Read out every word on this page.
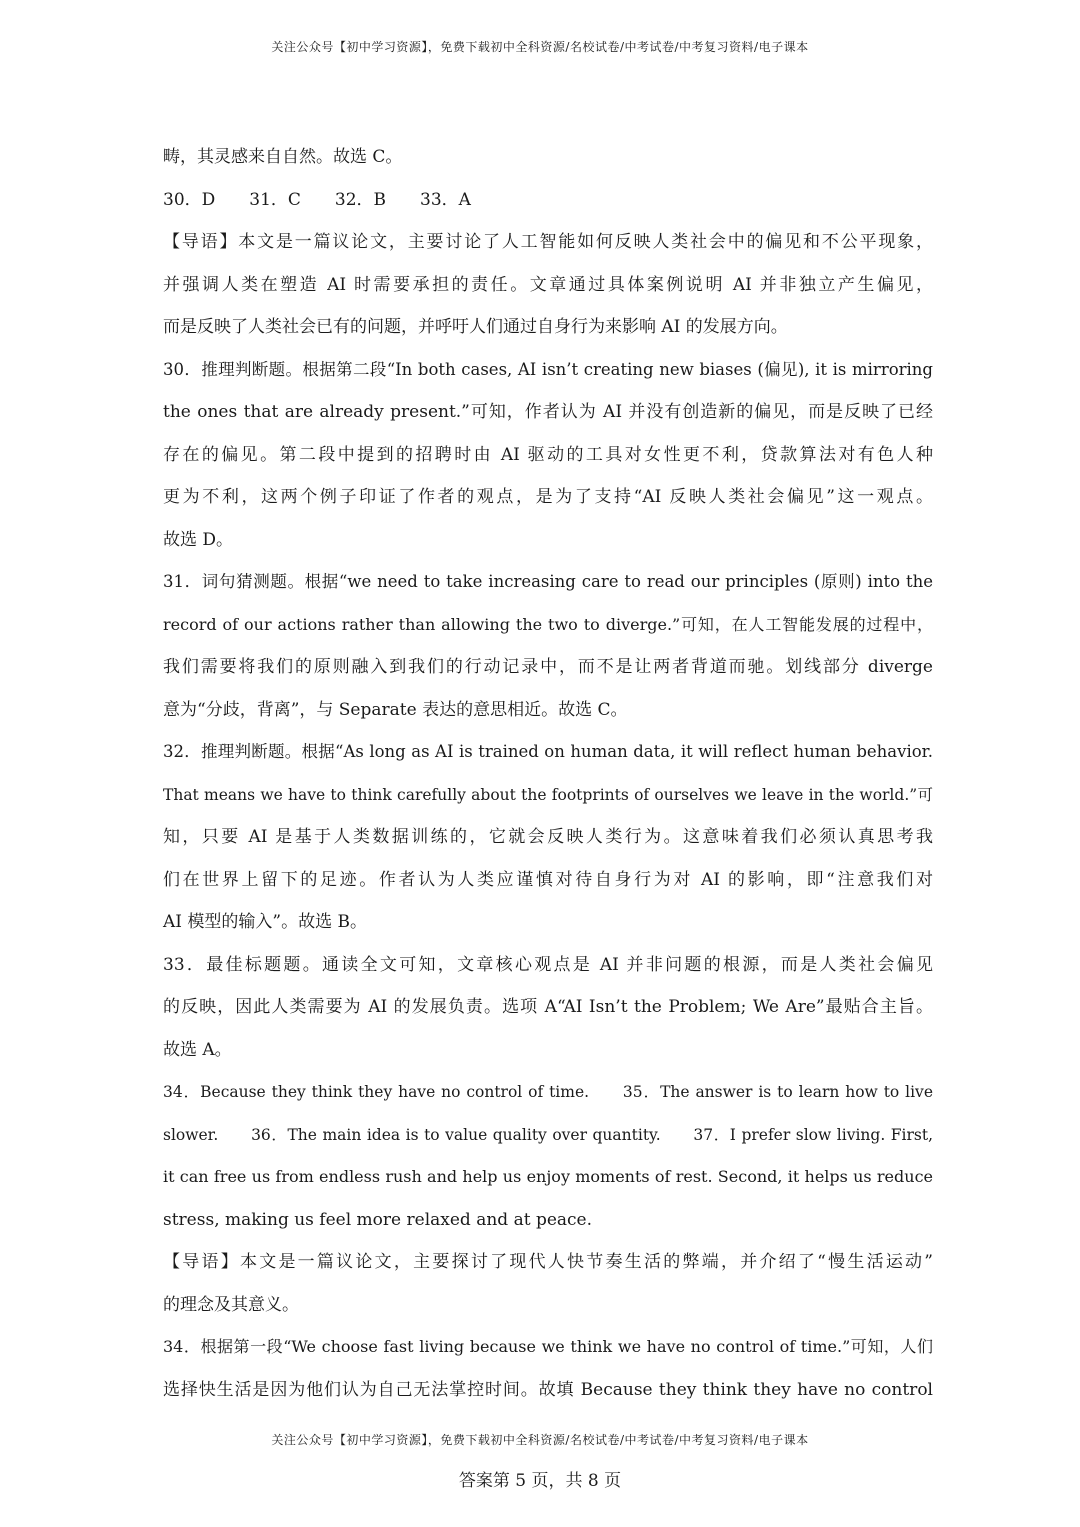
关注公众号【初中学习资源】，免费下载初中全科资源/名校试卷/中考试卷/中考复习资料/电子课本
畴，其灵感来自自然。故选 C。
30．D　　31．C　　32．B　　33．A
【导语】本文是一篇议论文，主要讨论了人工智能如何反映人类社会中的偏见和不公平现象，
并强调人类在塑造 AI 时需要承担的责任。文章通过具体案例说明 AI 并非独立产生偏见，
而是反映了人类社会已有的问题，并呼吁人们通过自身行为来影响 AI 的发展方向。
30．推理判断题。根据第二段“In both cases, AI isn’t creating new biases (偏见), it is mirroring
the ones that are already present.”可知，作者认为 AI 并没有创造新的偏见，而是反映了已经
存在的偏见。第二段中提到的招聘时由 AI 驱动的工具对女性更不利，贷款算法对有色人种
更为不利，这两个例子印证了作者的观点，是为了支持“AI 反映人类社会偏见”这一观点。
故选 D。
31．词句猜测题。根据“we need to take increasing care to read our principles (原则) into the
record of our actions rather than allowing the two to diverge.”可知，在人工智能发展的过程中，
我们需要将我们的原则融入到我们的行动记录中，而不是让两者背道而驰。划线部分 diverge
意为“分歧，背离”，与 Separate 表达的意思相近。故选 C。
32．推理判断题。根据“As long as AI is trained on human data, it will reflect human behavior.
That means we have to think carefully about the footprints of ourselves we leave in the world.”可
知，只要 AI 是基于人类数据训练的，它就会反映人类行为。这意味着我们必须认真思考我
们在世界上留下的足迹。作者认为人类应谨慎对待自身行为对 AI 的影响，即“注意我们对
AI 模型的输入”。故选 B。
33．最佳标题题。通读全文可知，文章核心观点是 AI 并非问题的根源，而是人类社会偏见
的反映，因此人类需要为 AI 的发展负责。选项 A“AI Isn’t the Problem; We Are”最贴合主旨。
故选 A。
34．Because they think they have no control of time.　　35．The answer is to learn how to live
slower.　　36．The main idea is to value quality over quantity.　　37．I prefer slow living. First,
it can free us from endless rush and help us enjoy moments of rest. Second, it helps us reduce
stress, making us feel more relaxed and at peace.
【导语】本文是一篇议论文，主要探讨了现代人快节奏生活的弊端，并介绍了“慢生活运动”
的理念及其意义。
34．根据第一段“We choose fast living because we think we have no control of time.”可知，人们
选择快生活是因为他们认为自己无法掌控时间。故填 Because they think they have no control
关注公众号【初中学习资源】，免费下载初中全科资源/名校试卷/中考试卷/中考复习资料/电子课本
答案第 5 页，共 8 页
